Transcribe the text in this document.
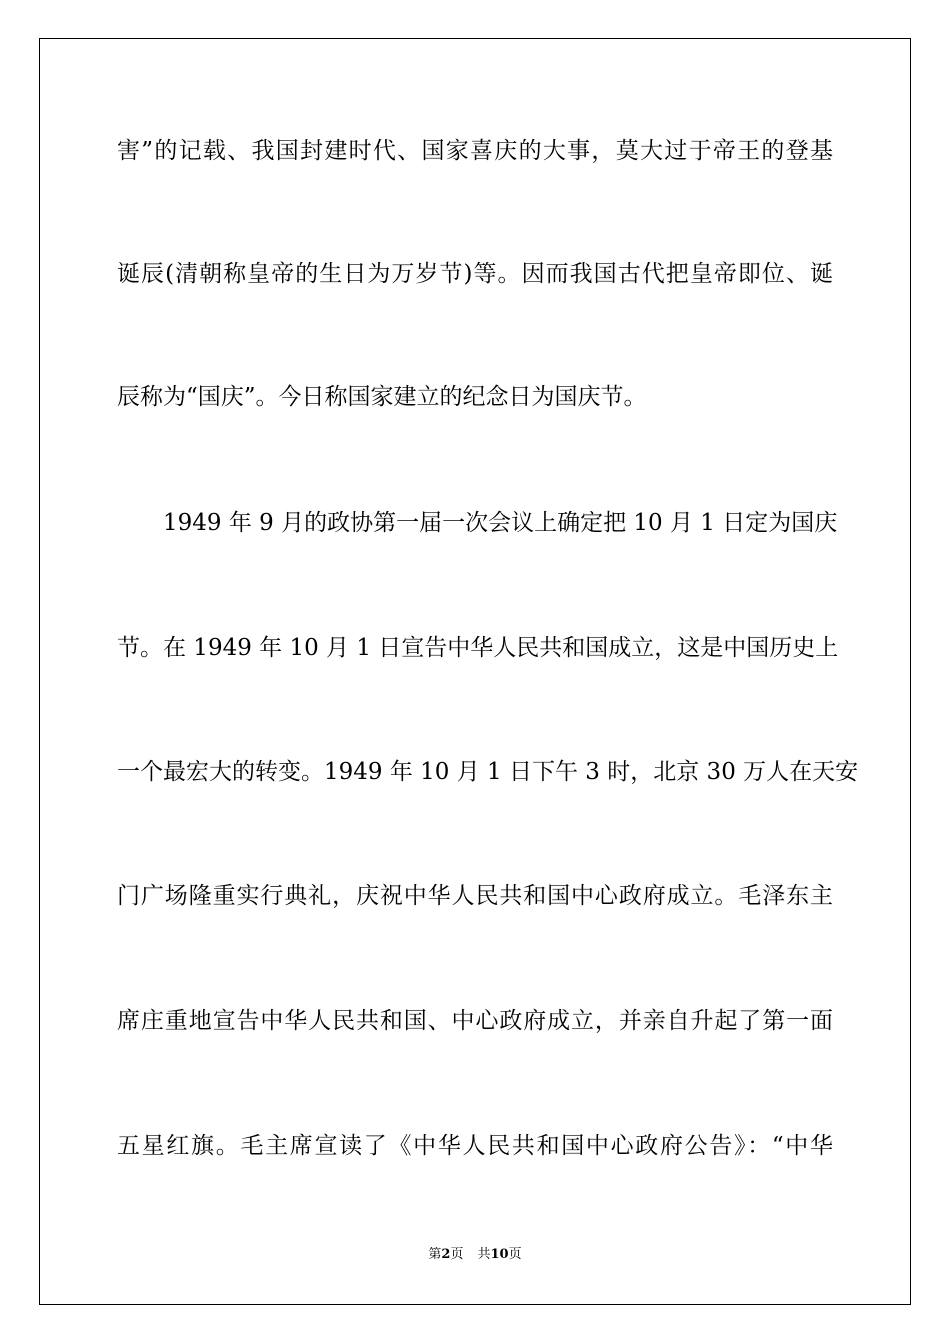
害”的记载、我国封建时代、国家喜庆的大事，莫大过于帝王的登基
诞辰(清朝称皇帝的生日为万岁节)等。因而我国古代把皇帝即位、诞
辰称为“国庆”。今日称国家建立的纪念日为国庆节。
1949 年 9 月的政协第一届一次会议上确定把 10 月 1 日定为国庆
节。在 1949 年 10 月 1 日宣告中华人民共和国成立，这是中国历史上
一个最宏大的转变。1949 年 10 月 1 日下午 3 时，北京 30 万人在天安
门广场隆重实行典礼，庆祝中华人民共和国中心政府成立。毛泽东主
席庄重地宣告中华人民共和国、中心政府成立，并亲自升起了第一面
五星红旗。毛主席宣读了《中华人民共和国中心政府公告》：“中华
第2页 共10页
